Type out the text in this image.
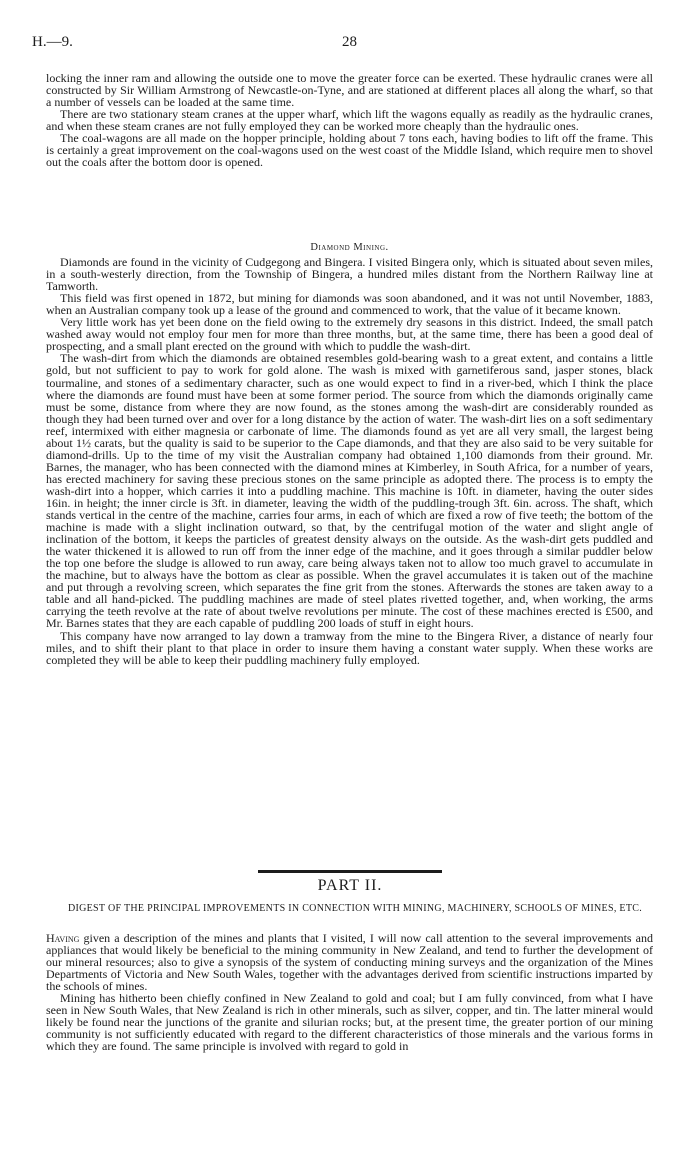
H.—9.	28

locking the inner ram and allowing the outside one to move the greater force can be exerted. These hydraulic cranes were all constructed by Sir William Armstrong of Newcastle-on-Tyne, and are stationed at different places all along the wharf, so that a number of vessels can be loaded at the same time.

There are two stationary steam cranes at the upper wharf, which lift the wagons equally as readily as the hydraulic cranes, and when these steam cranes are not fully employed they can be worked more cheaply than the hydraulic ones.

The coal-wagons are all made on the hopper principle, holding about 7 tons each, having bodies to lift off the frame. This is certainly a great improvement on the coal-wagons used on the west coast of the Middle Island, which require men to shovel out the coals after the bottom door is opened.

Diamond Mining.

Diamonds are found in the vicinity of Cudgegong and Bingera. I visited Bingera only, which is situated about seven miles, in a south-westerly direction, from the Township of Bingera, a hundred miles distant from the Northern Railway line at Tamworth.

This field was first opened in 1872, but mining for diamonds was soon abandoned, and it was not until November, 1883, when an Australian company took up a lease of the ground and commenced to work, that the value of it became known.

Very little work has yet been done on the field owing to the extremely dry seasons in this district. Indeed, the small patch washed away would not employ four men for more than three months, but, at the same time, there has been a good deal of prospecting, and a small plant erected on the ground with which to puddle the wash-dirt.

The wash-dirt from which the diamonds are obtained resembles gold-bearing wash to a great extent, and contains a little gold, but not sufficient to pay to work for gold alone. The wash is mixed with garnetiferous sand, jasper stones, black tourmaline, and stones of a sedimentary character, such as one would expect to find in a river-bed, which I think the place where the diamonds are found must have been at some former period. The source from which the diamonds originally came must be some, distance from where they are now found, as the stones among the wash-dirt are considerably rounded as though they had been turned over and over for a long distance by the action of water. The wash-dirt lies on a soft sedimentary reef, intermixed with either magnesia or carbonate of lime. The diamonds found as yet are all very small, the largest being about 1½ carats, but the quality is said to be superior to the Cape diamonds, and that they are also said to be very suitable for diamond-drills. Up to the time of my visit the Australian company had obtained 1,100 diamonds from their ground. Mr. Barnes, the manager, who has been connected with the diamond mines at Kimberley, in South Africa, for a number of years, has erected machinery for saving these precious stones on the same principle as adopted there. The process is to empty the wash-dirt into a hopper, which carries it into a puddling machine. This machine is 10ft. in diameter, having the outer sides 16in. in height; the inner circle is 3ft. in diameter, leaving the width of the puddling-trough 3ft. 6in. across. The shaft, which stands vertical in the centre of the machine, carries four arms, in each of which are fixed a row of five teeth; the bottom of the machine is made with a slight inclination outward, so that, by the centrifugal motion of the water and slight angle of inclination of the bottom, it keeps the particles of greatest density always on the outside. As the wash-dirt gets puddled and the water thickened it is allowed to run off from the inner edge of the machine, and it goes through a similar puddler below the top one before the sludge is allowed to run away, care being always taken not to allow too much gravel to accumulate in the machine, but to always have the bottom as clear as possible. When the gravel accumulates it is taken out of the machine and put through a revolving screen, which separates the fine grit from the stones. Afterwards the stones are taken away to a table and all hand-picked. The puddling machines are made of steel plates rivetted together, and, when working, the arms carrying the teeth revolve at the rate of about twelve revolutions per minute. The cost of these machines erected is £500, and Mr. Barnes states that they are each capable of puddling 200 loads of stuff in eight hours.

This company have now arranged to lay down a tramway from the mine to the Bingera River, a distance of nearly four miles, and to shift their plant to that place in order to insure them having a constant water supply. When these works are completed they will be able to keep their puddling machinery fully employed.

PART II.
DIGEST OF THE PRINCIPAL IMPROVEMENTS IN CONNECTION WITH MINING, MACHINERY, SCHOOLS OF MINES, ETC.

Having given a description of the mines and plants that I visited, I will now call attention to the several improvements and appliances that would likely be beneficial to the mining community in New Zealand, and tend to further the development of our mineral resources; also to give a synopsis of the system of conducting mining surveys and the organization of the Mines Departments of Victoria and New South Wales, together with the advantages derived from scientific instructions imparted by the schools of mines.

Mining has hitherto been chiefly confined in New Zealand to gold and coal; but I am fully convinced, from what I have seen in New South Wales, that New Zealand is rich in other minerals, such as silver, copper, and tin. The latter mineral would likely be found near the junctions of the granite and silurian rocks; but, at the present time, the greater portion of our mining community is not sufficiently educated with regard to the different characteristics of those minerals and the various forms in which they are found. The same principle is involved with regard to gold in
